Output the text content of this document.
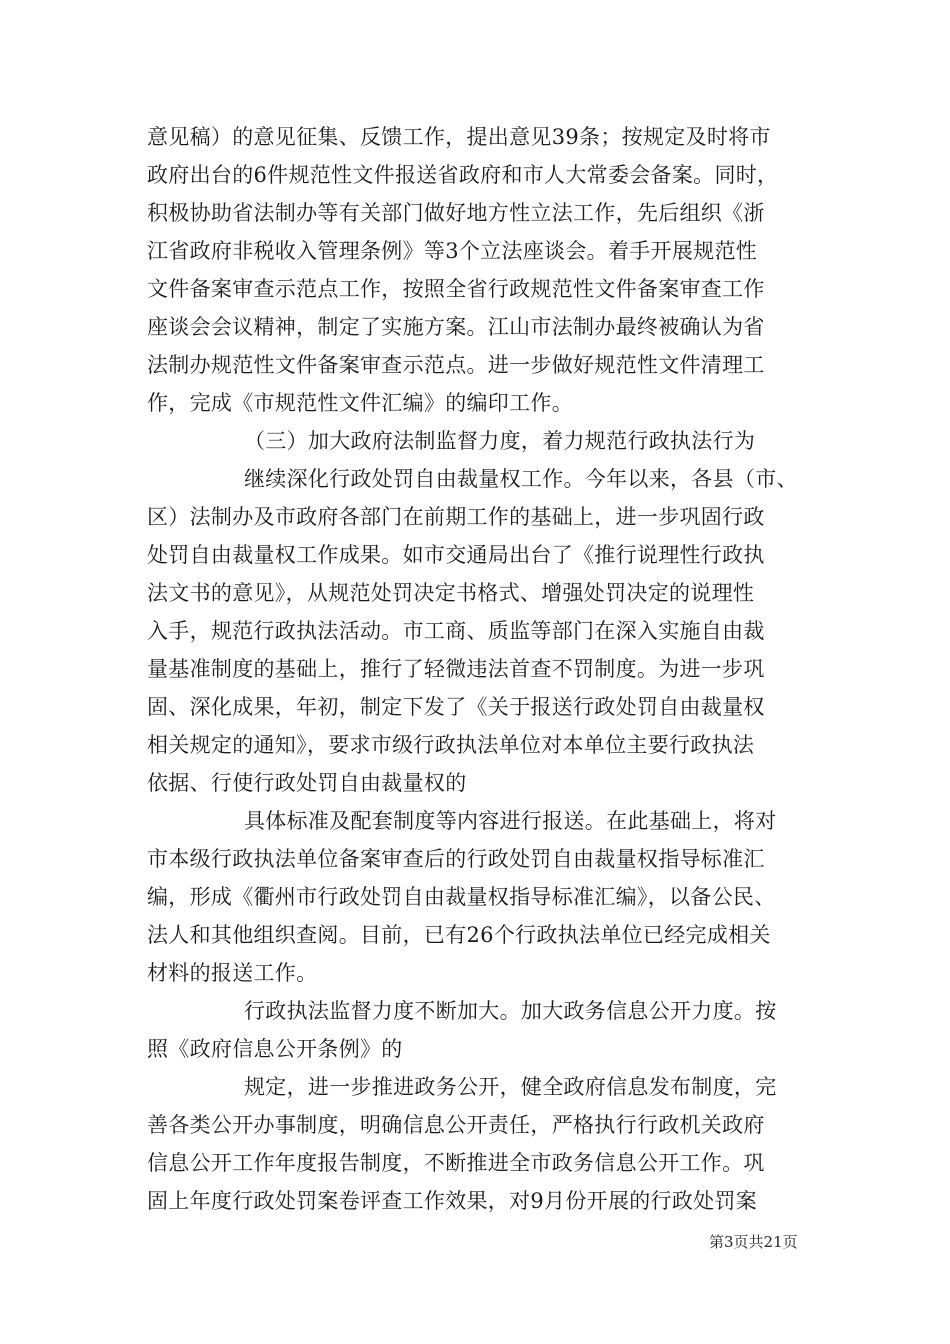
意见稿）的意见征集、反馈工作，提出意见39条；按规定及时将市
政府出台的6件规范性文件报送省政府和市人大常委会备案。同时，
积极协助省法制办等有关部门做好地方性立法工作，先后组织《浙
江省政府非税收入管理条例》等3个立法座谈会。着手开展规范性
文件备案审查示范点工作，按照全省行政规范性文件备案审查工作
座谈会会议精神，制定了实施方案。江山市法制办最终被确认为省
法制办规范性文件备案审查示范点。进一步做好规范性文件清理工
作，完成《市规范性文件汇编》的编印工作。
（三）加大政府法制监督力度，着力规范行政执法行为
继续深化行政处罚自由裁量权工作。今年以来，各县（市、
区）法制办及市政府各部门在前期工作的基础上，进一步巩固行政
处罚自由裁量权工作成果。如市交通局出台了《推行说理性行政执
法文书的意见》，从规范处罚决定书格式、增强处罚决定的说理性
入手，规范行政执法活动。市工商、质监等部门在深入实施自由裁
量基准制度的基础上，推行了轻微违法首查不罚制度。为进一步巩
固、深化成果，年初，制定下发了《关于报送行政处罚自由裁量权
相关规定的通知》，要求市级行政执法单位对本单位主要行政执法
依据、行使行政处罚自由裁量权的
具体标准及配套制度等内容进行报送。在此基础上，将对
市本级行政执法单位备案审查后的行政处罚自由裁量权指导标准汇
编，形成《衢州市行政处罚自由裁量权指导标准汇编》，以备公民、
法人和其他组织查阅。目前，已有26个行政执法单位已经完成相关
材料的报送工作。
行政执法监督力度不断加大。加大政务信息公开力度。按
照《政府信息公开条例》的
规定，进一步推进政务公开，健全政府信息发布制度，完
善各类公开办事制度，明确信息公开责任，严格执行行政机关政府
信息公开工作年度报告制度，不断推进全市政务信息公开工作。巩
固上年度行政处罚案卷评查工作效果，对9月份开展的行政处罚案
第3页共21页
